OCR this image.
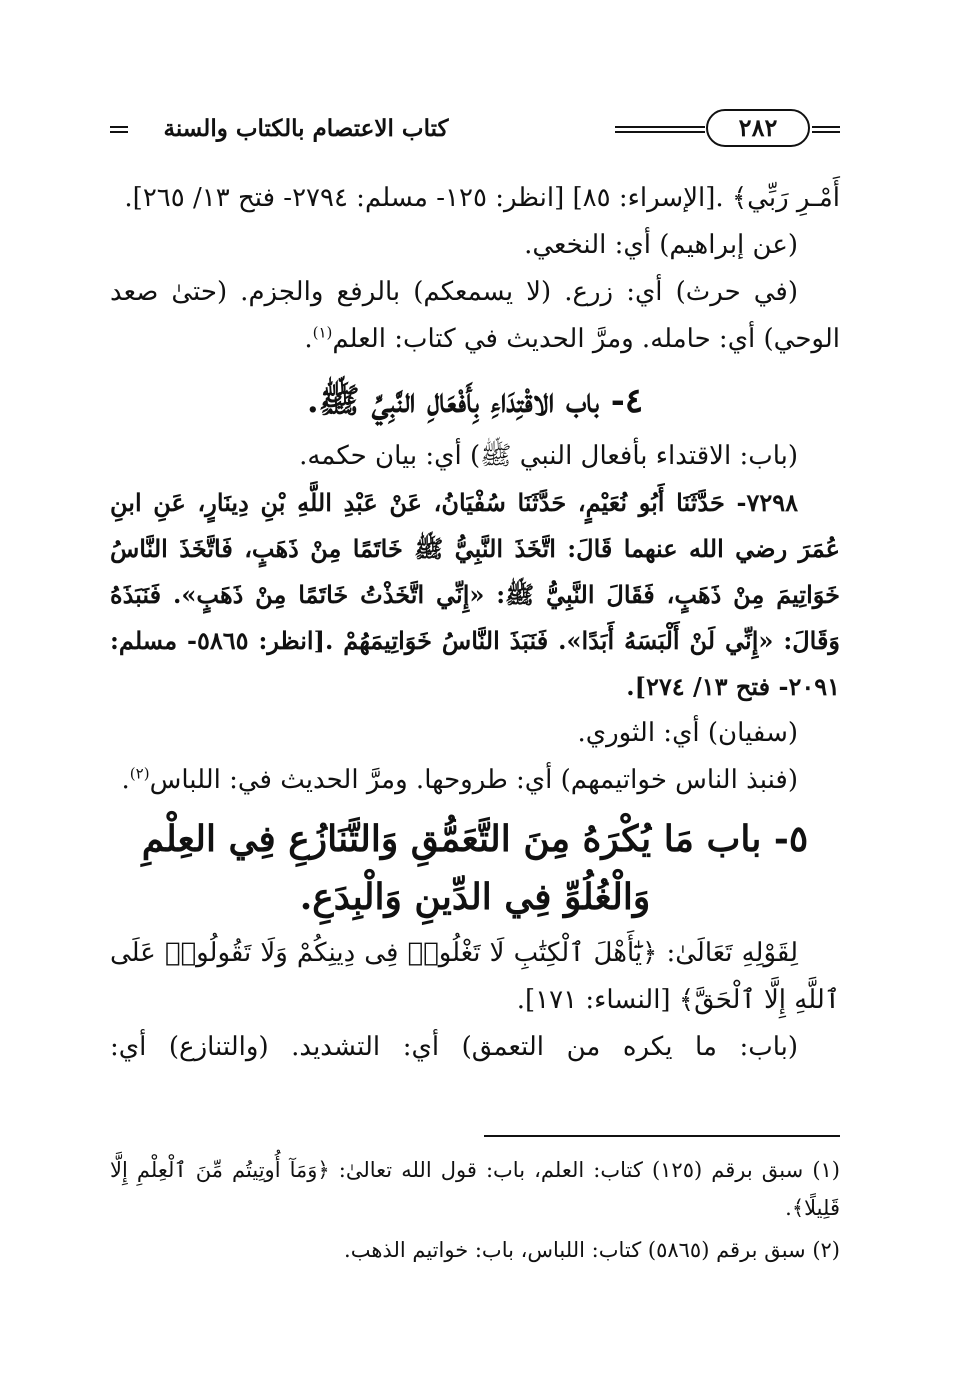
٢٨٢
كتاب الاعتصام بالكتاب والسنة

أَمْـرِ رَبِّي﴾ .[الإسراء: ٨٥] [انظر: ١٢٥- مسلم: ٢٧٩٤- فتح ١٣/ ٢٦٥].

(عن إبراهيم) أي: النخعي.

(في حرث) أي: زرع. (لا يسمعكم) بالرفع والجزم. (حتىٰ صعد الوحي) أي: حامله. ومرَّ الحديث في كتاب: العلم$^{(١)}$.

٤- باب الاقْتِدَاءِ بِأَفْعَالِ النَّبِيِّ ﷺ.

(باب: الاقتداء بأفعال النبي ﷺ) أي: بيان حكمه.

٧٢٩٨- حَدَّثَنَا أَبُو نُعَيْمٍ، حَدَّثَنَا سُفْيَانُ، عَنْ عَبْدِ اللَّهِ بْنِ دِينَارٍ، عَنِ ابنِ عُمَرَ رضي الله عنهما قَالَ: اتَّخَذَ النَّبِيُّ ﷺ خَاتَمًا مِنْ ذَهَبٍ، فَاتَّخَذَ النَّاسُ خَوَاتِيمَ مِنْ ذَهَبٍ، فَقَالَ النَّبِيُّ ﷺ: «إِنِّي اتَّخَذْتُ خَاتَمًا مِنْ ذَهَبٍ». فَنَبَذَهُ وَقَالَ: «إِنِّي لَنْ أَلْبَسَهُ أَبَدًا». فَنَبَذَ النَّاسُ خَوَاتِيمَهُمْ .[انظر: ٥٨٦٥- مسلم: ٢٠٩١- فتح ١٣/ ٢٧٤].

(سفيان) أي: الثوري.

(فنبذ الناس خواتيمهم) أي: طروحها. ومرَّ الحديث في: اللباس$^{(٢)}$.

٥- باب مَا يُكْرَهُ مِنَ التَّعَمُّقِ وَالتَّنَازُعِ فِي العِلْمِ وَالْغُلُوِّ فِي الدِّينِ وَالْبِدَعِ.

لِقَوْلِهِ تَعَالَىٰ: ﴿يَٰٓأَهْلَ ٱلْكِتَٰبِ لَا تَغْلُوا۟ فِى دِينِكُمْ وَلَا تَقُولُوا۟ عَلَى ٱللَّهِ إِلَّا ٱلْحَقَّ﴾ [النساء: ١٧١].

(باب: ما يكره من التعمق) أي: التشديد. (والتنازع) أي:

(١) سبق برقم (١٢٥) كتاب: العلم، باب: قول الله تعالىٰ: ﴿وَمَآ أُوتِيتُم مِّنَ ٱلْعِلْمِ إِلَّا قَلِيلًا﴾.

(٢) سبق برقم (٥٨٦٥) كتاب: اللباس، باب: خواتيم الذهب.
